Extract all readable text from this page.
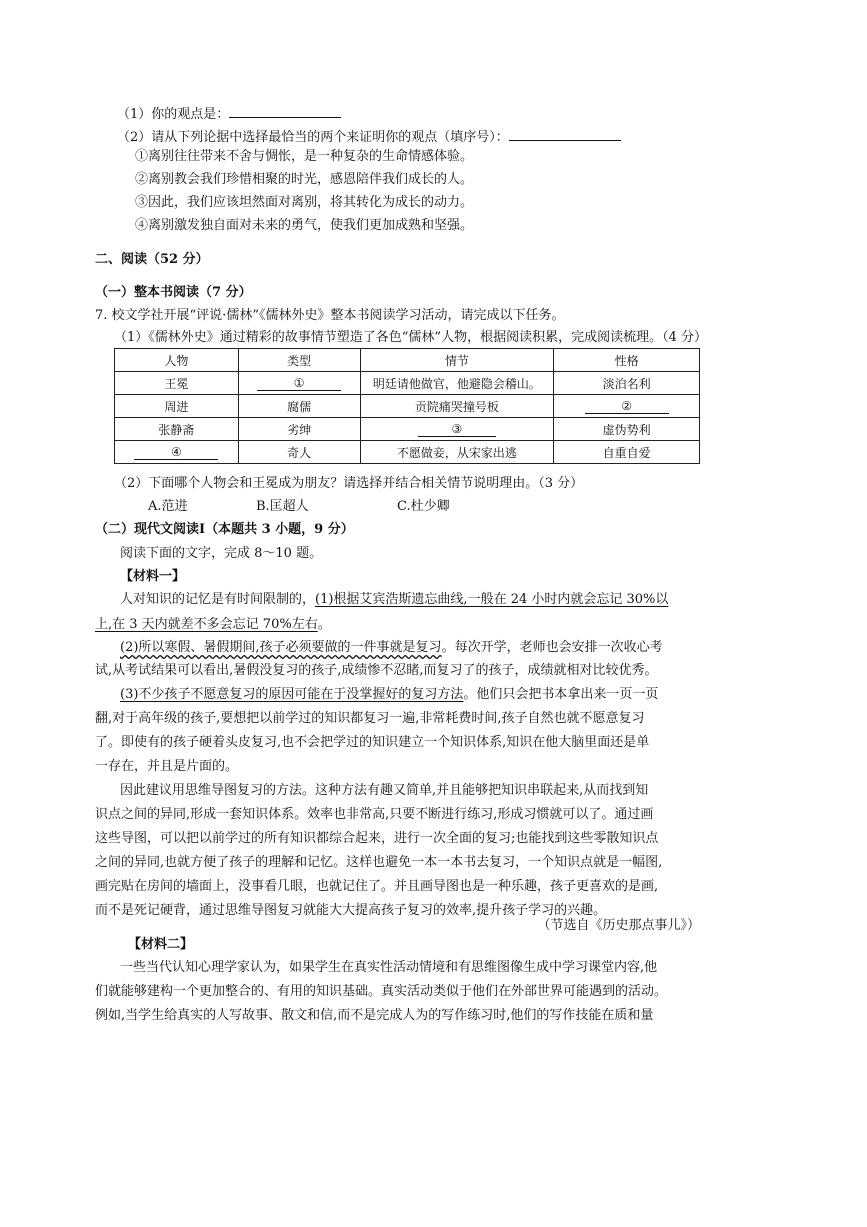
（1）你的观点是：
（2）请从下列论据中选择最恰当的两个来证明你的观点（填序号）：
①离别往往带来不舍与惆怅，是一种复杂的生命情感体验。
②离别教会我们珍惜相聚的时光，感恩陪伴我们成长的人。
③因此，我们应该坦然面对离别，将其转化为成长的动力。
④离别激发独自面对未来的勇气，使我们更加成熟和坚强。
二、阅读（52 分）
（一）整本书阅读（7 分）
7. 校文学社开展“评说·儒林”《儒林外史》整本书阅读学习活动，请完成以下任务。
（1）《儒林外史》通过精彩的故事情节塑造了各色“儒林”人物，根据阅读积累，完成阅读梳理。（4 分）
人物	类型	情节	性格
王冕	①	明廷请他做官，他避隐会稽山。	淡泊名利
周进	腐儒	贡院痛哭撞号板	②
张静斋	劣绅	③	虚伪势利
④	奇人	不愿做妾，从宋家出逃	自重自爱
（2）下面哪个人物会和王冕成为朋友？请选择并结合相关情节说明理由。（3 分）
A.范进	B.匡超人	C.杜少卿
（二）现代文阅读Ⅰ（本题共 3 小题，9 分）
阅读下面的文字，完成 8～10 题。
【材料一】
人对知识的记忆是有时间限制的，(1)根据艾宾浩斯遗忘曲线,一般在 24 小时内就会忘记 30%以
上,在 3 天内就差不多会忘记 70%左右。
(2)所以寒假、暑假期间,孩子必须要做的一件事就是复习。每次开学，老师也会安排一次收心考
试,从考试结果可以看出,暑假没复习的孩子,成绩惨不忍睹,而复习了的孩子，成绩就相对比较优秀。
(3)不少孩子不愿意复习的原因可能在于没掌握好的复习方法。他们只会把书本拿出来一页一页
翻,对于高年级的孩子,要想把以前学过的知识都复习一遍,非常耗费时间,孩子自然也就不愿意复习
了。即使有的孩子硬着头皮复习,也不会把学过的知识建立一个知识体系,知识在他大脑里面还是单
一存在，并且是片面的。
因此建议用思维导图复习的方法。这种方法有趣又简单,并且能够把知识串联起来,从而找到知
识点之间的异同,形成一套知识体系。效率也非常高,只要不断进行练习,形成习惯就可以了。通过画
这些导图，可以把以前学过的所有知识都综合起来，进行一次全面的复习;也能找到这些零散知识点
之间的异同,也就方便了孩子的理解和记忆。这样也避免一本一本书去复习，一个知识点就是一幅图,
画完贴在房间的墙面上，没事看几眼，也就记住了。并且画导图也是一种乐趣，孩子更喜欢的是画,
而不是死记硬背，通过思维导图复习就能大大提高孩子复习的效率,提升孩子学习的兴趣。
（节选自《历史那点事儿》）
【材料二】
一些当代认知心理学家认为，如果学生在真实性活动情境和有思维图像生成中学习课堂内容,他
们就能够建构一个更加整合的、有用的知识基础。真实活动类似于他们在外部世界可能遇到的活动。
例如,当学生给真实的人写故事、散文和信,而不是完成人为的写作练习时,他们的写作技能在质和量
